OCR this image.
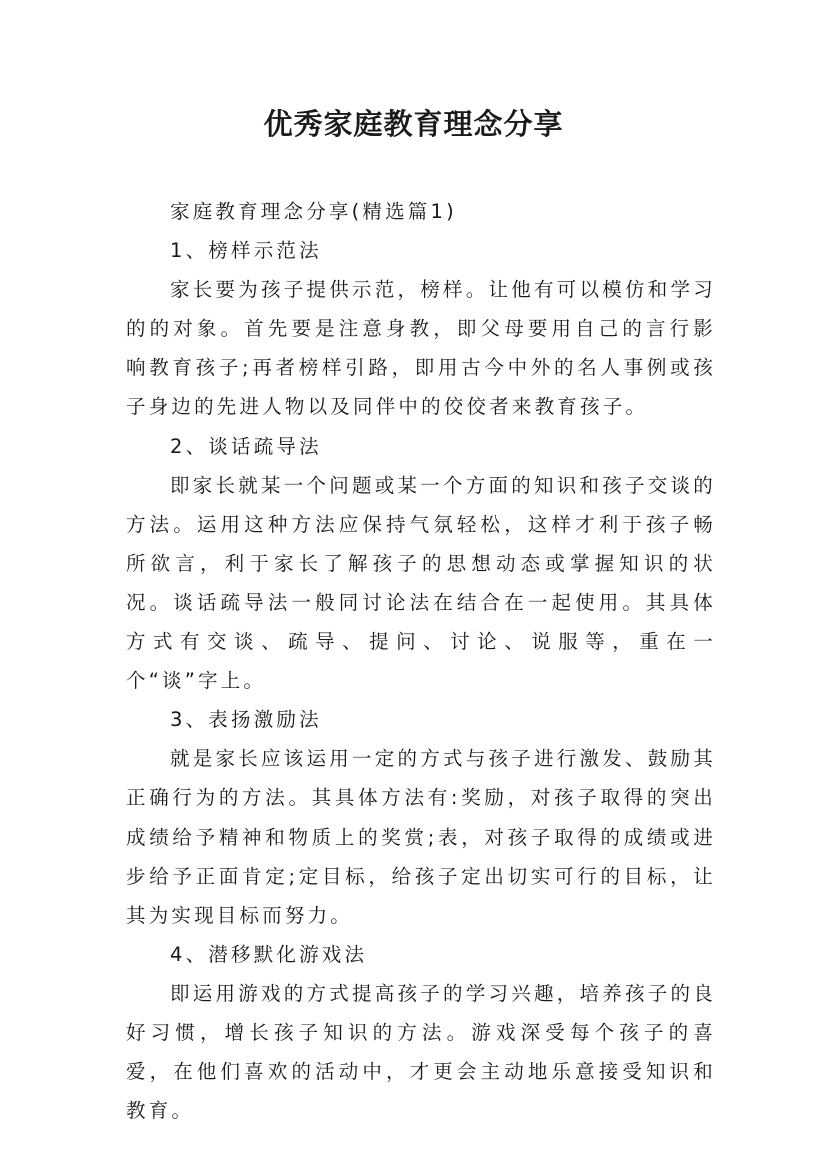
优秀家庭教育理念分享

家庭教育理念分享(精选篇1)

1、榜样示范法

家长要为孩子提供示范，榜样。让他有可以模仿和学习的的对象。首先要是注意身教，即父母要用自己的言行影响教育孩子;再者榜样引路，即用古今中外的名人事例或孩子身边的先进人物以及同伴中的佼佼者来教育孩子。

2、谈话疏导法

即家长就某一个问题或某一个方面的知识和孩子交谈的方法。运用这种方法应保持气氛轻松，这样才利于孩子畅所欲言，利于家长了解孩子的思想动态或掌握知识的状况。谈话疏导法一般同讨论法在结合在一起使用。其具体方式有交谈、疏导、提问、讨论、说服等，重在一个“谈”字上。

3、表扬激励法

就是家长应该运用一定的方式与孩子进行激发、鼓励其正确行为的方法。其具体方法有:奖励，对孩子取得的突出成绩给予精神和物质上的奖赏;表，对孩子取得的成绩或进步给予正面肯定;定目标，给孩子定出切实可行的目标，让其为实现目标而努力。

4、潜移默化游戏法

即运用游戏的方式提高孩子的学习兴趣，培养孩子的良好习惯，增长孩子知识的方法。游戏深受每个孩子的喜爱，在他们喜欢的活动中，才更会主动地乐意接受知识和教育。
